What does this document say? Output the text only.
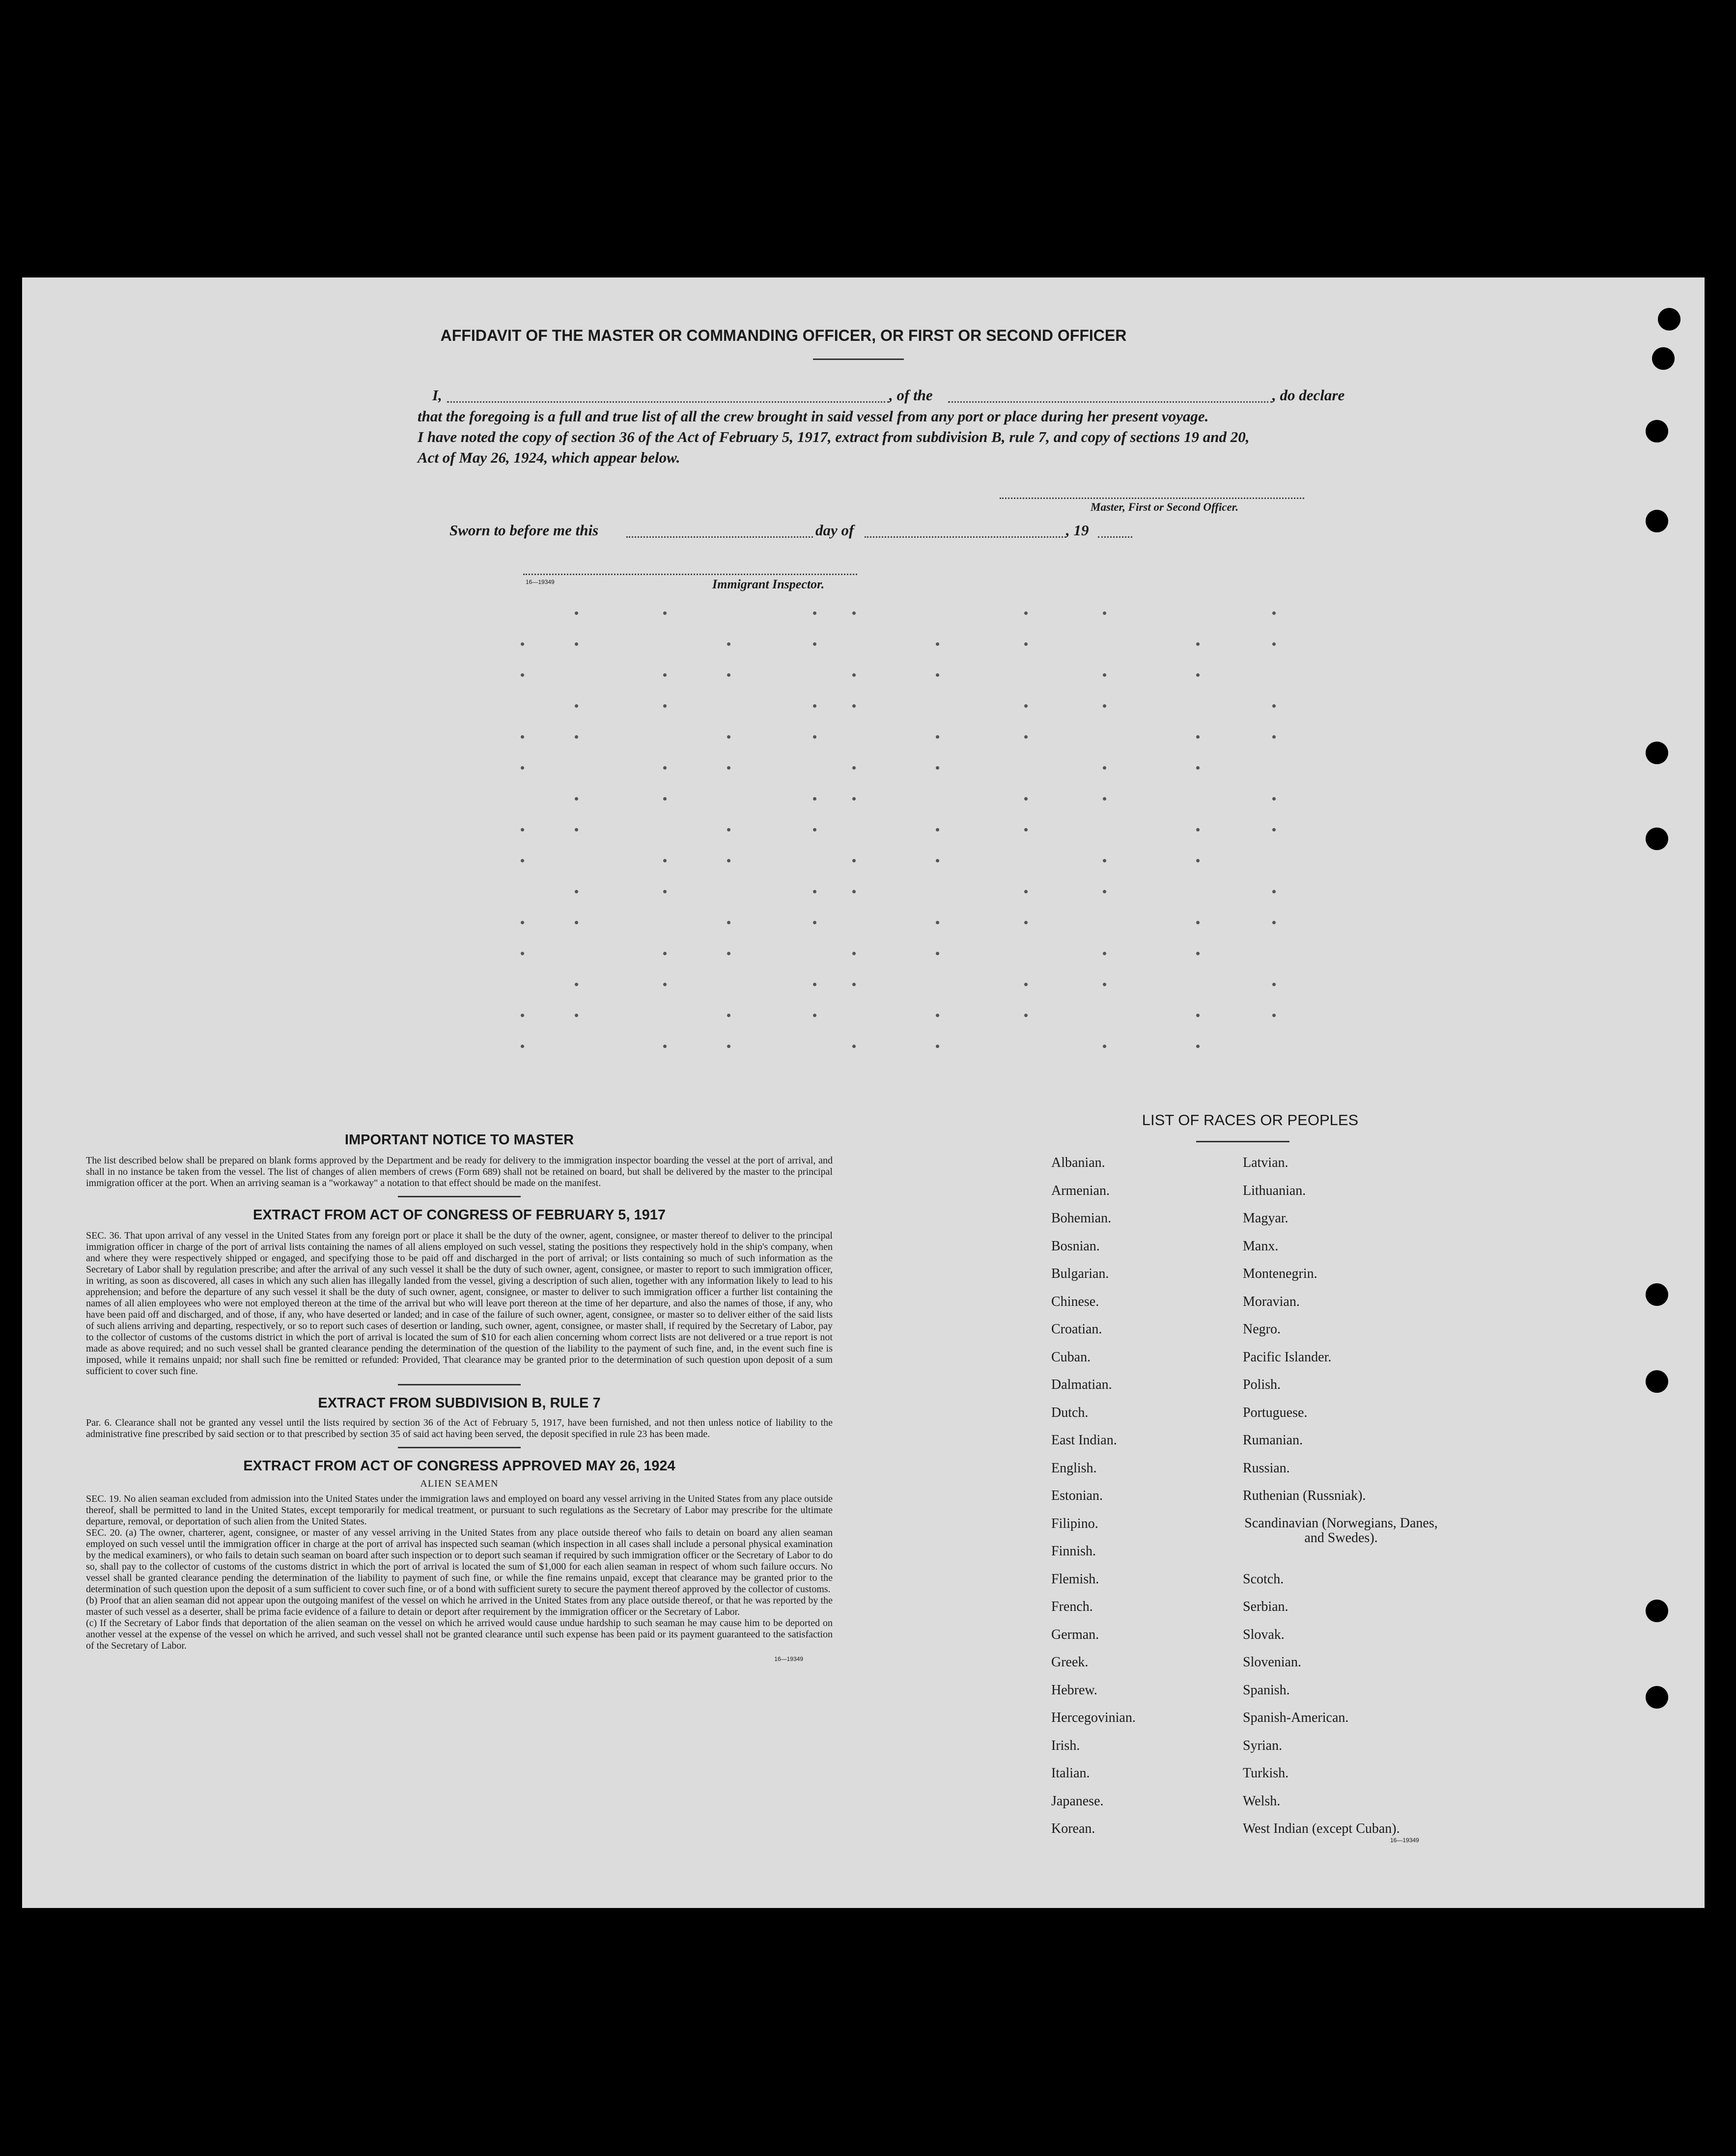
AFFIDAVIT OF THE MASTER OR COMMANDING OFFICER, OR FIRST OR SECOND OFFICER
I,	, of the	, do declare
that the foregoing is a full and true list of all the crew brought in said vessel from any port or place during her present voyage.
I have noted the copy of section 36 of the Act of February 5, 1917, extract from subdivision B, rule 7, and copy of sections 19 and 20,
Act of May 26, 1924, which appear below.
Master, First or Second Officer.
Sworn to before me this	day of	, 19
16—19349	Immigrant Inspector.
IMPORTANT NOTICE TO MASTER
The list described below shall be prepared on blank forms approved by the Department and be ready for delivery to the immigration inspector boarding the vessel at the port of arrival, and shall in no instance be taken from the vessel. The list of changes of alien members of crews (Form 689) shall not be retained on board, but shall be delivered by the master to the principal immigration officer at the port. When an arriving seaman is a "workaway" a notation to that effect should be made on the manifest.
EXTRACT FROM ACT OF CONGRESS OF FEBRUARY 5, 1917
SEC. 36. That upon arrival of any vessel in the United States from any foreign port or place it shall be the duty of the owner, agent, consignee, or master thereof to deliver to the principal immigration officer in charge of the port of arrival lists containing the names of all aliens employed on such vessel, stating the positions they respectively hold in the ship's company, when and where they were respectively shipped or engaged, and specifying those to be paid off and discharged in the port of arrival; or lists containing so much of such information as the Secretary of Labor shall by regulation prescribe; and after the arrival of any such vessel it shall be the duty of such owner, agent, consignee, or master to report to such immigration officer, in writing, as soon as discovered, all cases in which any such alien has illegally landed from the vessel, giving a description of such alien, together with any information likely to lead to his apprehension; and before the departure of any such vessel it shall be the duty of such owner, agent, consignee, or master to deliver to such immigration officer a further list containing the names of all alien employees who were not employed thereon at the time of the arrival but who will leave port thereon at the time of her departure, and also the names of those, if any, who have been paid off and discharged, and of those, if any, who have deserted or landed; and in case of the failure of such owner, agent, consignee, or master so to deliver either of the said lists of such aliens arriving and departing, respectively, or so to report such cases of desertion or landing, such owner, agent, consignee, or master shall, if required by the Secretary of Labor, pay to the collector of customs of the customs district in which the port of arrival is located the sum of $10 for each alien concerning whom correct lists are not delivered or a true report is not made as above required; and no such vessel shall be granted clearance pending the determination of the question of the liability to the payment of such fine, and, in the event such fine is imposed, while it remains unpaid; nor shall such fine be remitted or refunded: Provided, That clearance may be granted prior to the determination of such question upon deposit of a sum sufficient to cover such fine.
EXTRACT FROM SUBDIVISION B, RULE 7
Par. 6. Clearance shall not be granted any vessel until the lists required by section 36 of the Act of February 5, 1917, have been furnished, and not then unless notice of liability to the administrative fine prescribed by said section or to that prescribed by section 35 of said act having been served, the deposit specified in rule 23 has been made.
EXTRACT FROM ACT OF CONGRESS APPROVED MAY 26, 1924
ALIEN SEAMEN
SEC. 19. No alien seaman excluded from admission into the United States under the immigration laws and employed on board any vessel arriving in the United States from any place outside thereof, shall be permitted to land in the United States, except temporarily for medical treatment, or pursuant to such regulations as the Secretary of Labor may prescribe for the ultimate departure, removal, or deportation of such alien from the United States.
SEC. 20. (a) The owner, charterer, agent, consignee, or master of any vessel arriving in the United States from any place outside thereof who fails to detain on board any alien seaman employed on such vessel until the immigration officer in charge at the port of arrival has inspected such seaman (which inspection in all cases shall include a personal physical examination by the medical examiners), or who fails to detain such seaman on board after such inspection or to deport such seaman if required by such immigration officer or the Secretary of Labor to do so, shall pay to the collector of customs of the customs district in which the port of arrival is located the sum of $1,000 for each alien seaman in respect of whom such failure occurs. No vessel shall be granted clearance pending the determination of the liability to payment of such fine, or while the fine remains unpaid, except that clearance may be granted prior to the determination of such question upon the deposit of a sum sufficient to cover such fine, or of a bond with sufficient surety to secure the payment thereof approved by the collector of customs.
(b) Proof that an alien seaman did not appear upon the outgoing manifest of the vessel on which he arrived in the United States from any place outside thereof, or that he was reported by the master of such vessel as a deserter, shall be prima facie evidence of a failure to detain or deport after requirement by the immigration officer or the Secretary of Labor.
(c) If the Secretary of Labor finds that deportation of the alien seaman on the vessel on which he arrived would cause undue hardship to such seaman he may cause him to be deported on another vessel at the expense of the vessel on which he arrived, and such vessel shall not be granted clearance until such expense has been paid or its payment guaranteed to the satisfaction of the Secretary of Labor.
16—19349
LIST OF RACES OR PEOPLES
16—19349
Albanian.
Armenian.
Bohemian.
Bosnian.
Bulgarian.
Chinese.
Croatian.
Cuban.
Dalmatian.
Dutch.
East Indian.
English.
Estonian.
Filipino.
Finnish.
Flemish.
French.
German.
Greek.
Hebrew.
Hercegovinian.
Irish.
Italian.
Japanese.
Korean.
Latvian.
Lithuanian.
Magyar.
Manx.
Montenegrin.
Moravian.
Negro.
Pacific Islander.
Polish.
Portuguese.
Rumanian.
Russian.
Ruthenian (Russniak).
Scandinavian (Norwegians, Danes, and Swedes).
Scotch.
Serbian.
Slovak.
Slovenian.
Spanish.
Spanish-American.
Syrian.
Turkish.
Welsh.
West Indian (except Cuban).
